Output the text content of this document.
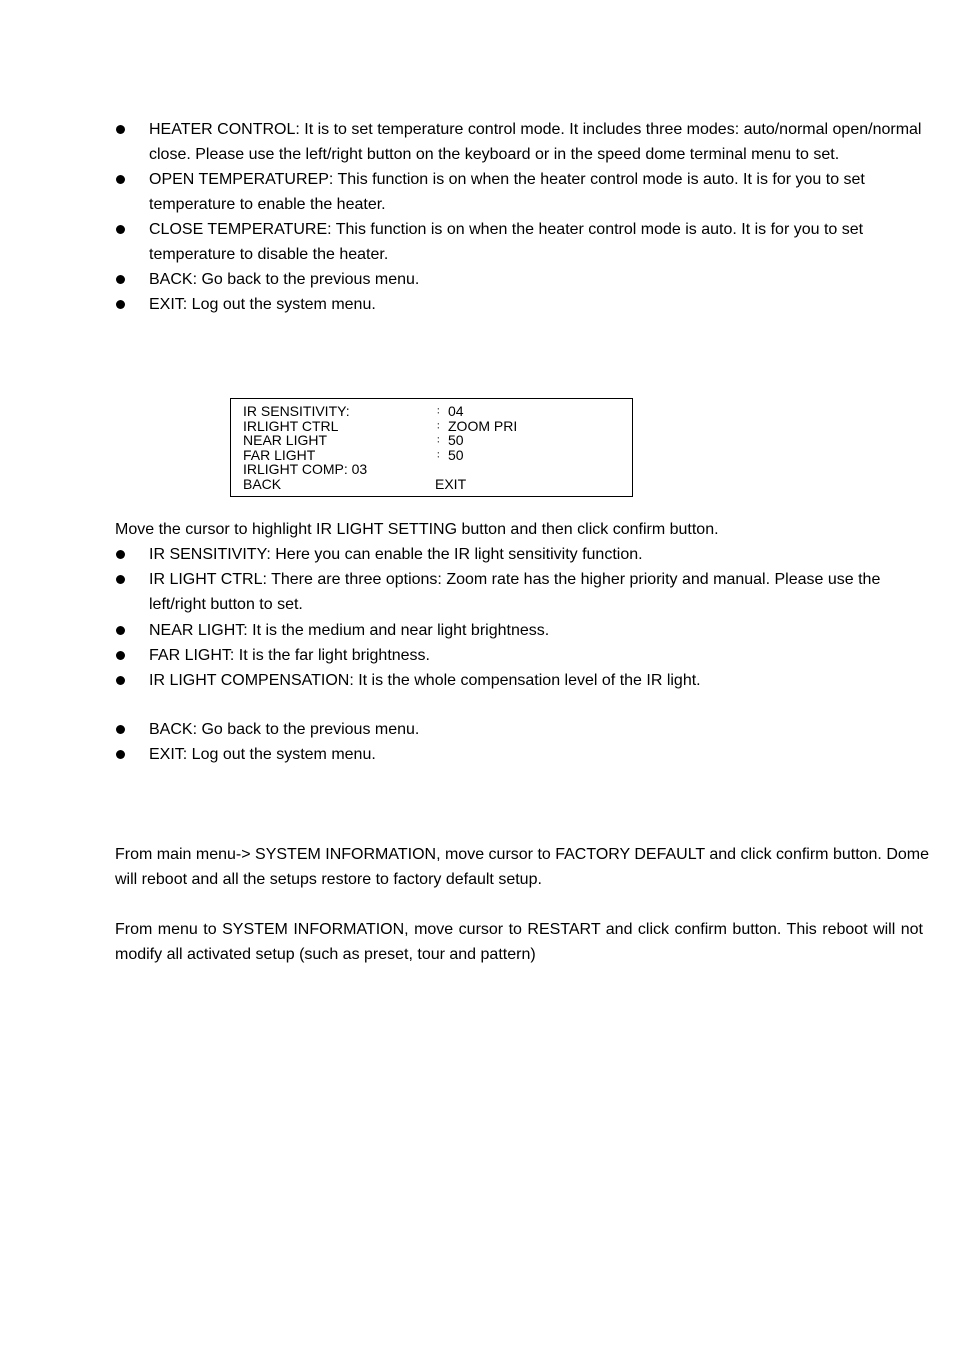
HEATER CONTROL: It is to set temperature control mode. It includes three modes: auto/normal open/normal close. Please use the left/right button on the keyboard or in the speed dome terminal menu to set.
OPEN TEMPERATUREP: This function is on when the heater control mode is auto. It is for you to set temperature to enable the heater.
CLOSE TEMPERATURE: This function is on when the heater control mode is auto. It is for you to set temperature to disable the heater.
BACK: Go back to the previous menu.
EXIT: Log out the system menu.
IR SENSITIVITY:	： 04
IRLIGHT CTRL	： ZOOM PRI
NEAR LIGHT	： 50
FAR LIGHT	： 50
IRLIGHT COMP: 03
BACK	EXIT

Move the cursor to highlight IR LIGHT SETTING button and then click confirm button.

IR SENSITIVITY: Here you can enable the IR light sensitivity function.
IR LIGHT CTRL: There are three options: Zoom rate has the higher priority and manual. Please use the left/right button to set.
NEAR LIGHT: It is the medium and near light brightness.
FAR LIGHT: It is the far light brightness.
IR LIGHT COMPENSATION: It is the whole compensation level of the IR light.
BACK: Go back to the previous menu.
EXIT: Log out the system menu.

From main menu-> SYSTEM INFORMATION, move cursor to FACTORY DEFAULT and click confirm button. Dome will reboot and all the setups restore to factory default setup.

From menu to SYSTEM INFORMATION, move cursor to RESTART and click confirm button. This reboot will not modify all activated setup (such as preset, tour and pattern)
